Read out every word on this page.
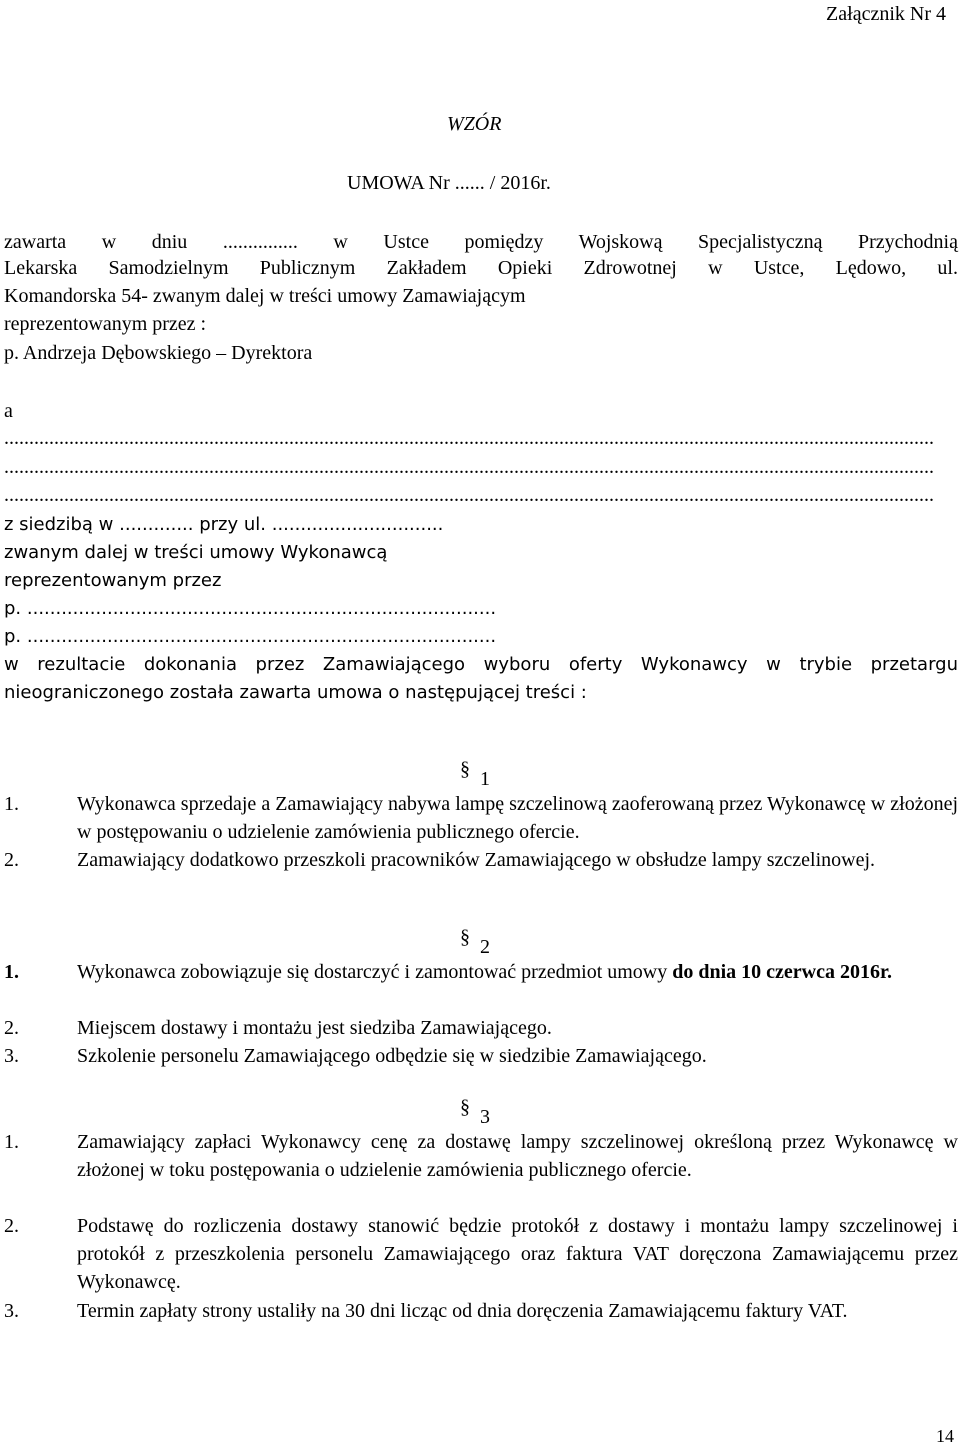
Załącznik Nr 4
WZÓR
UMOWA Nr ...... / 2016r.
zawarta w dniu ............... w Ustce pomiędzy Wojskową Specjalistyczną Przychodnią
Lekarska Samodzielnym Publicznym Zakładem Opieki Zdrowotnej w Ustce, Lędowo, ul.
Komandorska 54- zwanym dalej w treści umowy Zamawiającym
reprezentowanym przez :
p. Andrzeja Dębowskiego – Dyrektora
a
..........................................................................................................................................................................................
..........................................................................................................................................................................................
..........................................................................................................................................................................................
z siedzibą w ............. przy ul. ..............................
zwanym dalej w treści umowy Wykonawcą
reprezentowanym przez
p. ..................................................................................
p. ..................................................................................
w rezultacie dokonania przez Zamawiającego wyboru oferty Wykonawcy w trybie przetargu
nieograniczonego została zawarta umowa o następującej treści :
§ 1
1.	Wykonawca sprzedaje a Zamawiający nabywa lampę szczelinową zaoferowaną przez Wykonawcę w złożonej w postępowaniu o udzielenie zamówienia publicznego ofercie.
2.	Zamawiający dodatkowo przeszkoli pracowników Zamawiającego w obsłudze lampy szczelinowej.
§ 2
1.	Wykonawca zobowiązuje się dostarczyć i zamontować przedmiot umowy do dnia 10 czerwca 2016r.
2.	Miejscem dostawy i montażu jest siedziba Zamawiającego.
3.	Szkolenie personelu Zamawiającego odbędzie się w siedzibie Zamawiającego.
§ 3
1.	Zamawiający zapłaci Wykonawcy cenę za dostawę lampy szczelinowej określoną przez Wykonawcę w złożonej w toku postępowania o udzielenie zamówienia publicznego ofercie.
2.	Podstawę do rozliczenia dostawy stanowić będzie protokół z dostawy i montażu lampy szczelinowej i protokół z przeszkolenia personelu Zamawiającego oraz faktura VAT doręczona Zamawiającemu przez Wykonawcę.
3.	Termin zapłaty strony ustaliły na 30 dni licząc od dnia doręczenia Zamawiającemu faktury VAT.
14
